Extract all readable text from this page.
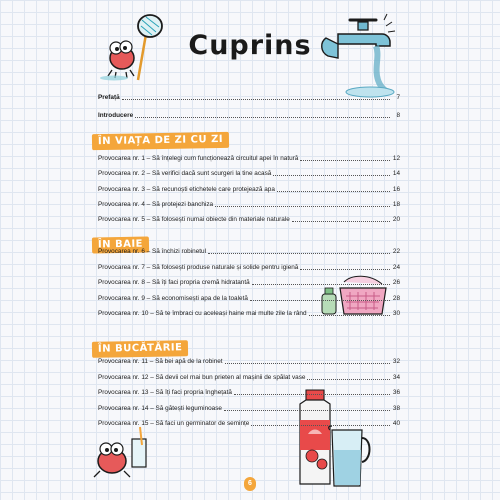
Cuprins
Prefață	7
Introducere	8
ÎN VIAȚA DE ZI CU ZI
Provocarea nr. 1 – Să înțelegi cum funcționează circuitul apei în natură	12
Provocarea nr. 2 – Să verifici dacă sunt scurgeri la tine acasă	14
Provocarea nr. 3 – Să recunoști etichetele care protejează apa	16
Provocarea nr. 4 – Să protejezi banchiza	18
Provocarea nr. 5 – Să folosești numai obiecte din materiale naturale	20
ÎN BAIE
Provocarea nr. 6 – Să închizi robinetul	22
Provocarea nr. 7 – Să folosești produse naturale și solide pentru igienă	24
Provocarea nr. 8 – Să îți faci propria cremă hidratantă	26
Provocarea nr. 9 – Să economisești apa de la toaletă	28
Provocarea nr. 10 – Să te îmbraci cu aceleași haine mai multe zile la rând	30
ÎN BUCĂTĂRIE
Provocarea nr. 11 – Să bei apă de la robinet	32
Provocarea nr. 12 – Să devii cel mai bun prieten al mașinii de spălat vase	34
Provocarea nr. 13 – Să îți faci propria înghețată	36
Provocarea nr. 14 – Să gătești leguminoase	38
Provocarea nr. 15 – Să faci un germinator de semințe	40
6
